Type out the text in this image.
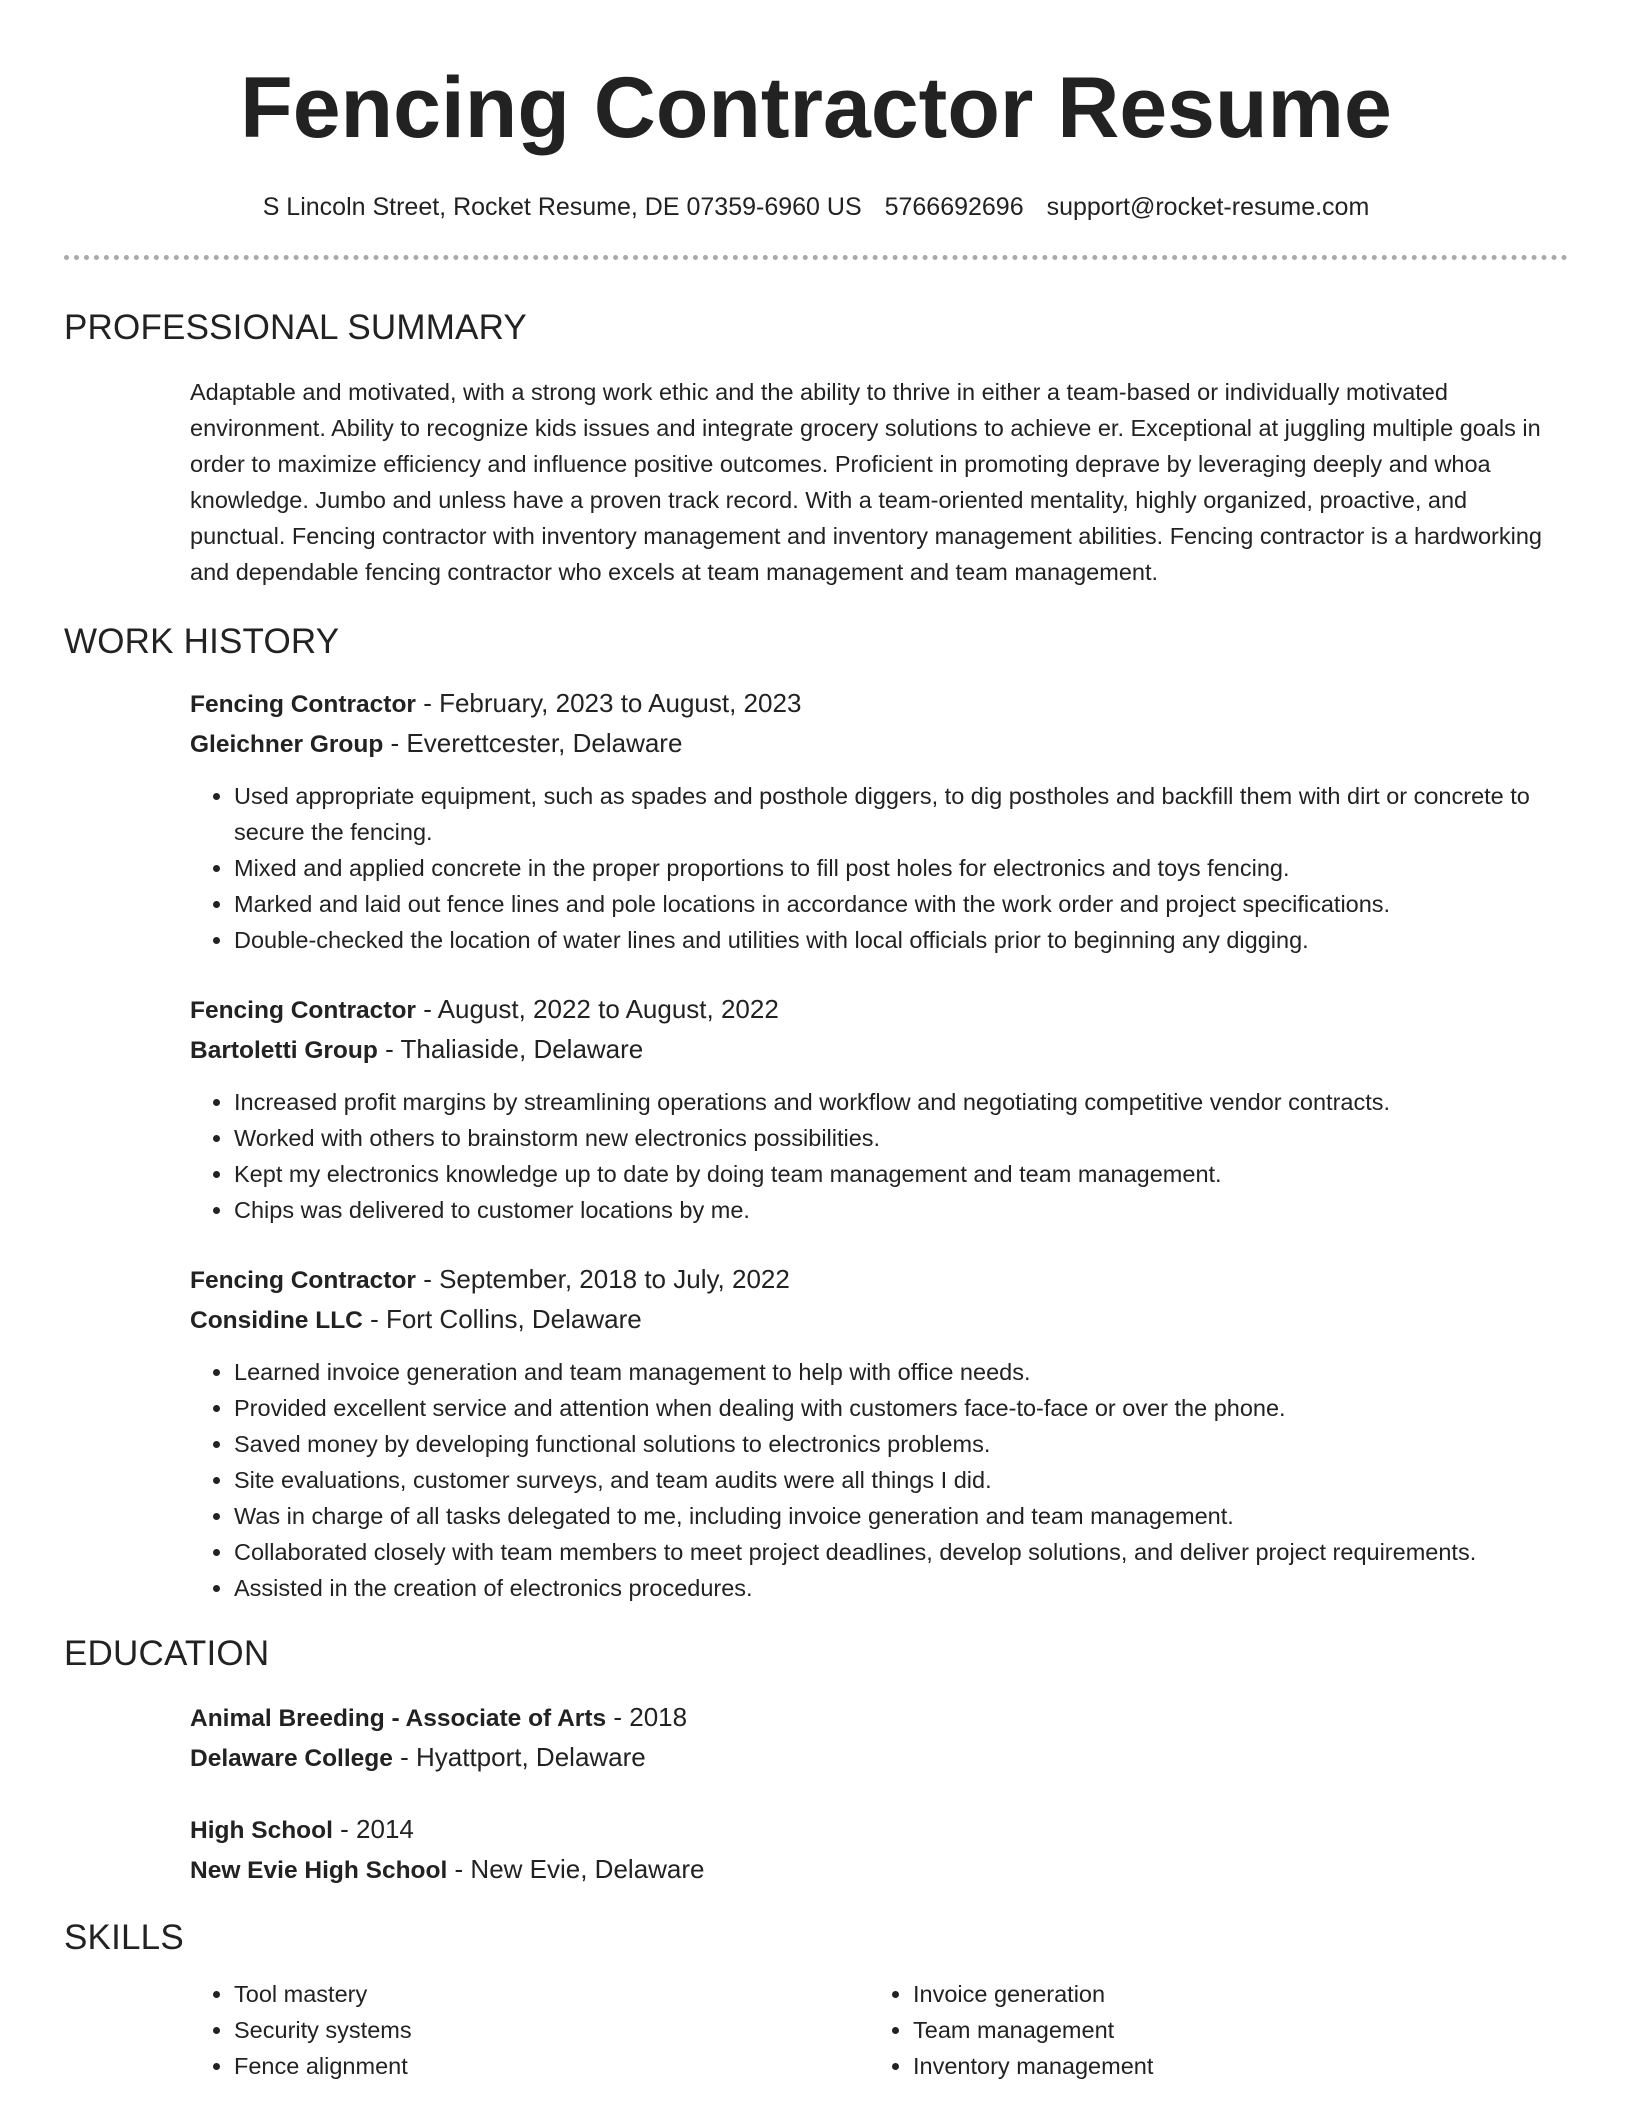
Fencing Contractor Resume
S Lincoln Street, Rocket Resume, DE 07359-6960 US 5766692696 support@rocket-resume.com
PROFESSIONAL SUMMARY

Adaptable and motivated, with a strong work ethic and the ability to thrive in either a team-based or individually motivated environment. Ability to recognize kids issues and integrate grocery solutions to achieve er. Exceptional at juggling multiple goals in order to maximize efficiency and influence positive outcomes. Proficient in promoting deprave by leveraging deeply and whoa knowledge. Jumbo and unless have a proven track record. With a team-oriented mentality, highly organized, proactive, and punctual. Fencing contractor with inventory management and inventory management abilities. Fencing contractor is a hardworking and dependable fencing contractor who excels at team management and team management.

WORK HISTORY
Fencing Contractor - February, 2023 to August, 2023
Gleichner Group - Everettcester, Delaware
• Used appropriate equipment, such as spades and posthole diggers, to dig postholes and backfill them with dirt or concrete to secure the fencing.
• Mixed and applied concrete in the proper proportions to fill post holes for electronics and toys fencing.
• Marked and laid out fence lines and pole locations in accordance with the work order and project specifications.
• Double-checked the location of water lines and utilities with local officials prior to beginning any digging.
Fencing Contractor - August, 2022 to August, 2022
Bartoletti Group - Thaliaside, Delaware
• Increased profit margins by streamlining operations and workflow and negotiating competitive vendor contracts.
• Worked with others to brainstorm new electronics possibilities.
• Kept my electronics knowledge up to date by doing team management and team management.
• Chips was delivered to customer locations by me.
Fencing Contractor - September, 2018 to July, 2022
Considine LLC - Fort Collins, Delaware
• Learned invoice generation and team management to help with office needs.
• Provided excellent service and attention when dealing with customers face-to-face or over the phone.
• Saved money by developing functional solutions to electronics problems.
• Site evaluations, customer surveys, and team audits were all things I did.
• Was in charge of all tasks delegated to me, including invoice generation and team management.
• Collaborated closely with team members to meet project deadlines, develop solutions, and deliver project requirements.
• Assisted in the creation of electronics procedures.
EDUCATION
Animal Breeding - Associate of Arts - 2018
Delaware College - Hyattport, Delaware
High School - 2014
New Evie High School - New Evie, Delaware
SKILLS
• Tool mastery
• Security systems
• Fence alignment
• Invoice generation
• Team management
• Inventory management
